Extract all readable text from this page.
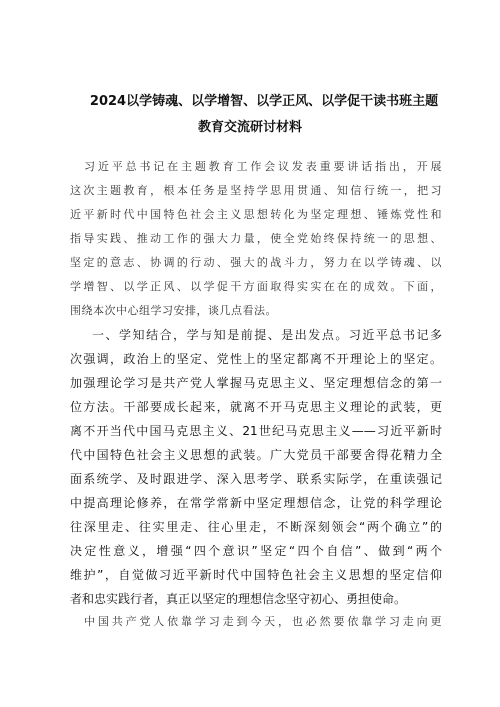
2024以学铸魂、以学增智、以学正风、以学促干读书班主题
教育交流研讨材料
习近平总书记在主题教育工作会议发表重要讲话指出，开展
这次主题教育，根本任务是坚持学思用贯通、知信行统一，把习
近平新时代中国特色社会主义思想转化为坚定理想、锤炼党性和
指导实践、推动工作的强大力量，使全党始终保持统一的思想、
坚定的意志、协调的行动、强大的战斗力，努力在以学铸魂、以
学增智、以学正风、以学促干方面取得实实在在的成效。下面，
围绕本次中心组学习安排，谈几点看法。
一、学知结合，学与知是前提、是出发点。习近平总书记多
次强调，政治上的坚定、党性上的坚定都离不开理论上的坚定。
加强理论学习是共产党人掌握马克思主义、坚定理想信念的第一
位方法。干部要成长起来，就离不开马克思主义理论的武装，更
离不开当代中国马克思主义、21世纪马克思主义——习近平新时
代中国特色社会主义思想的武装。广大党员干部要舍得花精力全
面系统学、及时跟进学、深入思考学、联系实际学，在重读强记
中提高理论修养，在常学常新中坚定理想信念，让党的科学理论
往深里走、往实里走、往心里走，不断深刻领会“两个确立”的
决定性意义，增强“四个意识”坚定“四个自信”、做到“两个
维护”，自觉做习近平新时代中国特色社会主义思想的坚定信仰
者和忠实践行者，真正以坚定的理想信念坚守初心、勇担使命。
中国共产党人依靠学习走到今天，也必然要依靠学习走向更
